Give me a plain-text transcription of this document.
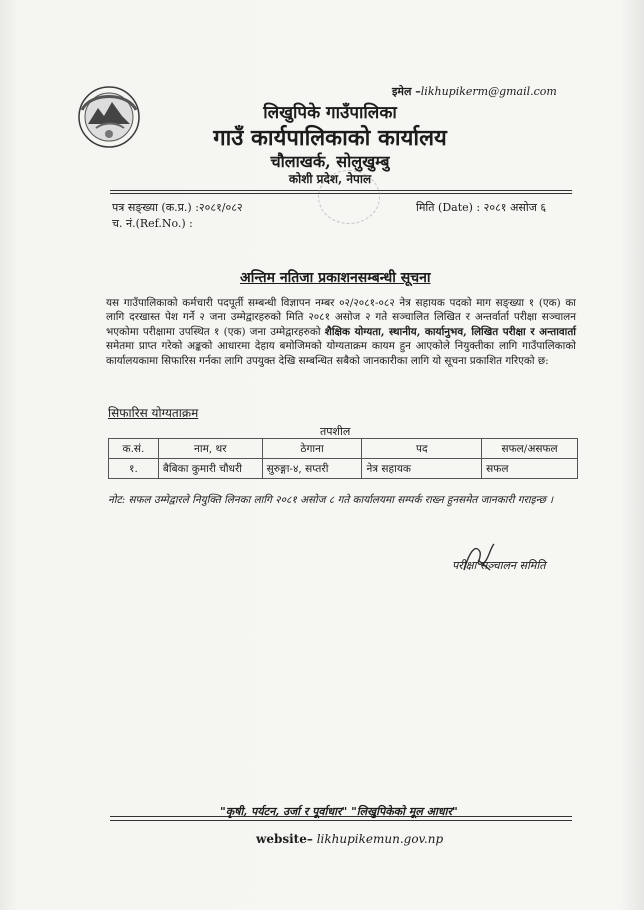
इमेल –likhupikerm@gmail.com
लिखुपिके गाउँपालिका
गाउँ कार्यपालिकाको कार्यालय
चौलाखर्क, सोलुखुम्बु
कोशी प्रदेश, नेपाल
पत्र सङ्ख्या (क.प्र.) :२०८१/०८२
च. नं.(Ref.No.) :
मिति (Date) : २०८१ असोज ६
अन्तिम नतिजा प्रकाशनसम्बन्धी सूचना
यस गाउँपालिकाको कर्मचारी पदपूर्ती सम्बन्धी विज्ञापन नम्बर ०२/२०८१-०८२ नेत्र सहायक पदको माग सङ्ख्या १ (एक) का लागि दरखास्त पेश गर्ने २ जना उम्मेद्वारहरुको मिति २०८१ असोज २ गते सञ्चालित लिखित र अन्तर्वार्ता परीक्षा सञ्चालन भएकोमा परीक्षामा उपस्थित १ (एक) जना उम्मेद्वारहरुको शैक्षिक योग्यता, स्थानीय, कार्यानुभव, लिखित परीक्षा र अन्तावार्ता समेतमा प्राप्त गरेको अङ्कको आधारमा देहाय बमोजिमको योग्यताक्रम कायम हुन आएकोले नियुक्तीका लागि गाउँपालिकाको कार्यालयकामा सिफारिस गर्नका लागि उपयुक्त देखि सम्बन्धित सबैको जानकारीका लागि यो सूचना प्रकाशित गरिएको छ:
सिफारिस योग्यताक्रम
तपशील
क.सं.	नाम, थर	ठेगाना	पद	सफल/असफल
१.	बैबिका कुमारी चौधरी	सुरुङ्गा-४, सप्तरी	नेत्र सहायक	सफल
नोट: सफल उम्मेद्वारले नियुक्ति लिनका लागि २०८१ असोज ८ गते कार्यालयमा सम्पर्क राख्न हुनसमेत जानकारी गराइन्छ ।
परीक्षा सञ्चालन समिति
"कृषी, पर्यटन, उर्जा र पूर्वाधार" "लिखुपिकेको मूल आधार"
website– likhupikemun.gov.np
